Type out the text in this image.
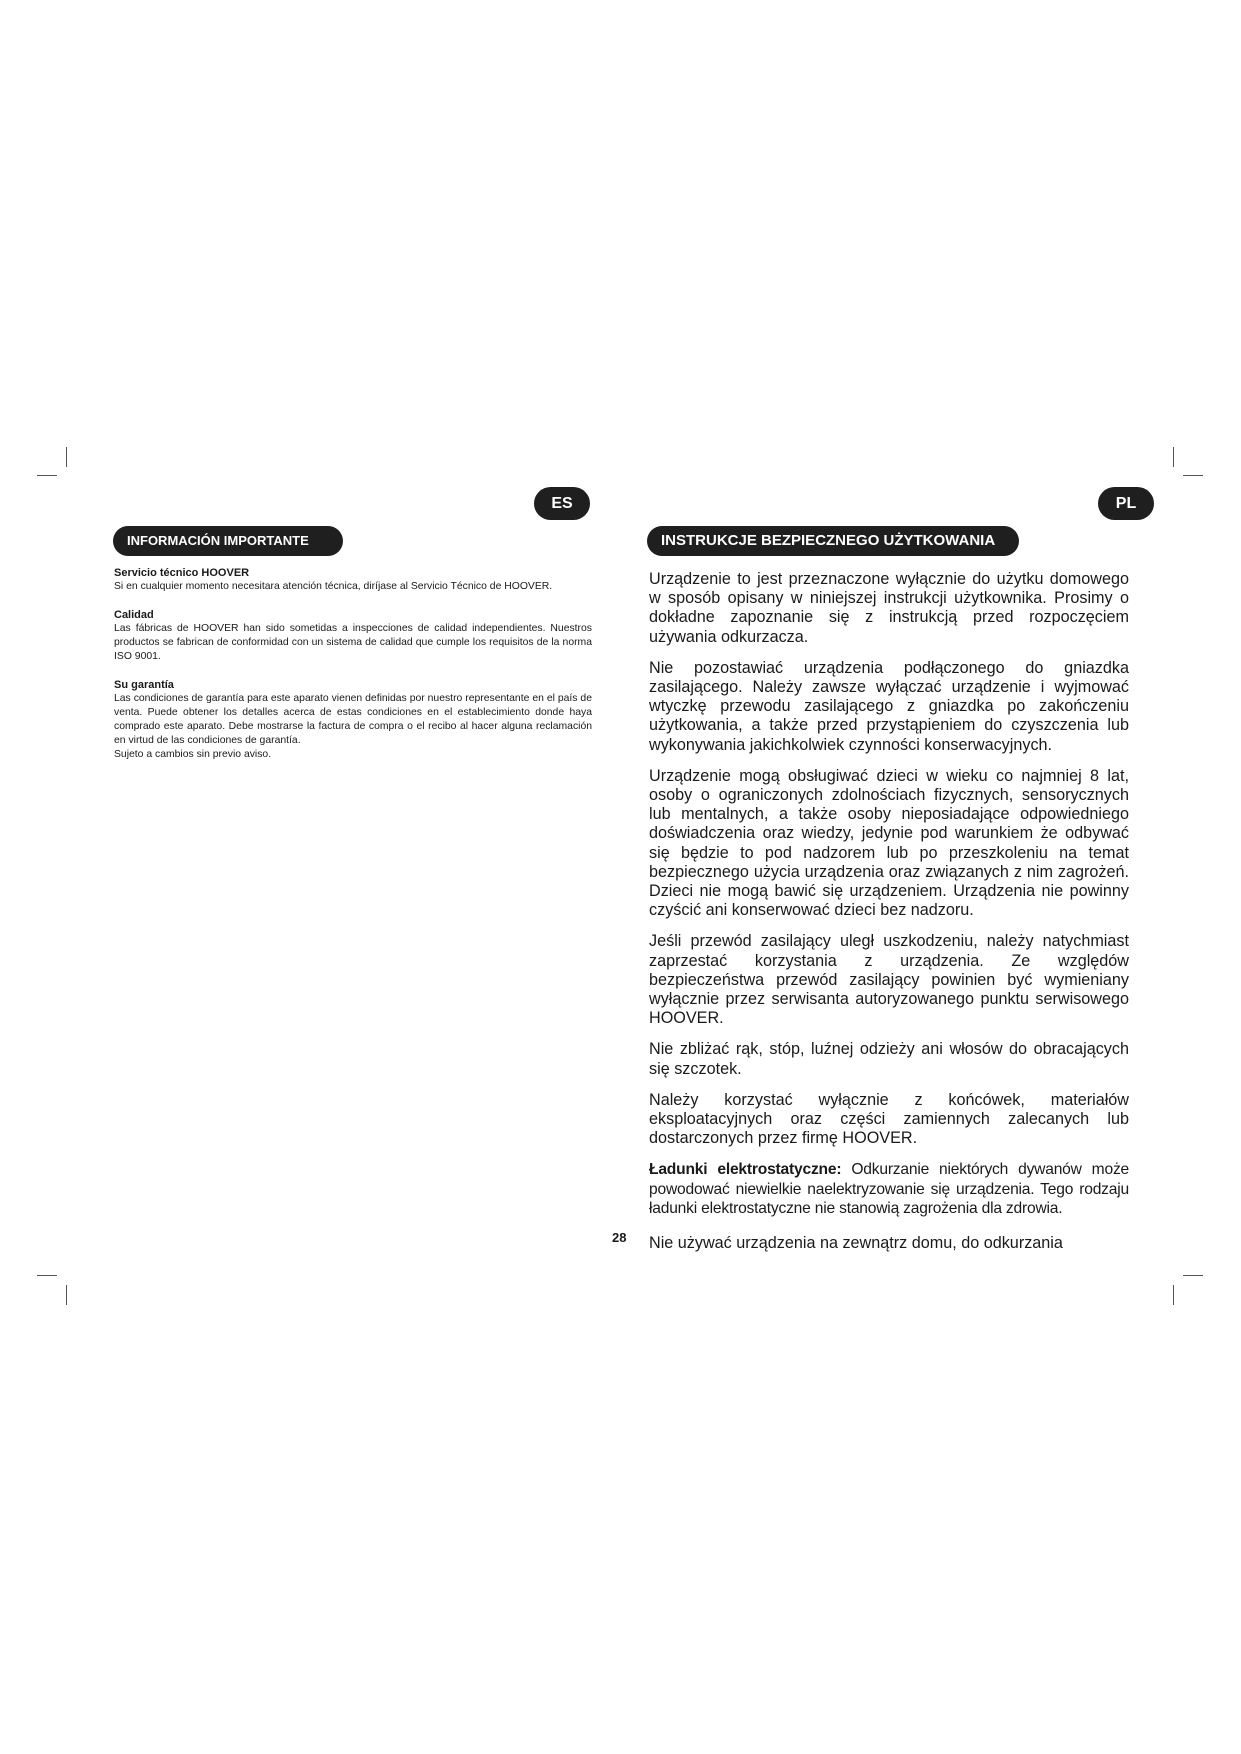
ES
INFORMACIÓN IMPORTANTE
Servicio técnico HOOVER
Si en cualquier momento necesitara atención técnica, diríjase al Servicio Técnico de HOOVER.
Calidad
Las fábricas de HOOVER han sido sometidas a inspecciones de calidad independientes. Nuestros productos se fabrican de conformidad con un sistema de calidad que cumple los requisitos de la norma ISO 9001.
Su garantía
Las condiciones de garantía para este aparato vienen definidas por nuestro representante en el país de venta. Puede obtener los detalles acerca de estas condiciones en el establecimiento donde haya comprado este aparato. Debe mostrarse la factura de compra o el recibo al hacer alguna reclamación en virtud de las condiciones de garantía.
Sujeto a cambios sin previo aviso.
PL
INSTRUKCJE BEZPIECZNEGO UŻYTKOWANIA

Urządzenie to jest przeznaczone wyłącznie do użytku domowego w sposób opisany w niniejszej instrukcji użytkownika. Prosimy o dokładne zapoznanie się z instrukcją przed rozpoczęciem używania odkurzacza.

Nie pozostawiać urządzenia podłączonego do gniazdka zasilającego. Należy zawsze wyłączać urządzenie i wyjmować wtyczkę przewodu zasilającego z gniazdka po zakończeniu użytkowania, a także przed przystąpieniem do czyszczenia lub wykonywania jakichkolwiek czynności konserwacyjnych.

Urządzenie mogą obsługiwać dzieci w wieku co najmniej 8 lat, osoby o ograniczonych zdolnościach fizycznych, sensorycznych lub mentalnych, a także osoby nieposiadające odpowiedniego doświadczenia oraz wiedzy, jedynie pod warunkiem że odbywać się będzie to pod nadzorem lub po przeszkoleniu na temat bezpiecznego użycia urządzenia oraz związanych z nim zagrożeń. Dzieci nie mogą bawić się urządzeniem. Urządzenia nie powinny czyścić ani konserwować dzieci bez nadzoru.

Jeśli przewód zasilający uległ uszkodzeniu, należy natychmiast zaprzestać korzystania z urządzenia. Ze względów bezpieczeństwa przewód zasilający powinien być wymieniany wyłącznie przez serwisanta autoryzowanego punktu serwisowego HOOVER.

Nie zbliżać rąk, stóp, luźnej odzieży ani włosów do obracających się szczotek.

Należy korzystać wyłącznie z końcówek, materiałów eksploatacyjnych oraz części zamiennych zalecanych lub dostarczonych przez firmę HOOVER.

Ładunki elektrostatyczne: Odkurzanie niektórych dywanów może powodować niewielkie naelektryzowanie się urządzenia. Tego rodzaju ładunki elektrostatyczne nie stanowią zagrożenia dla zdrowia.

Nie używać urządzenia na zewnątrz domu, do odkurzania

28
